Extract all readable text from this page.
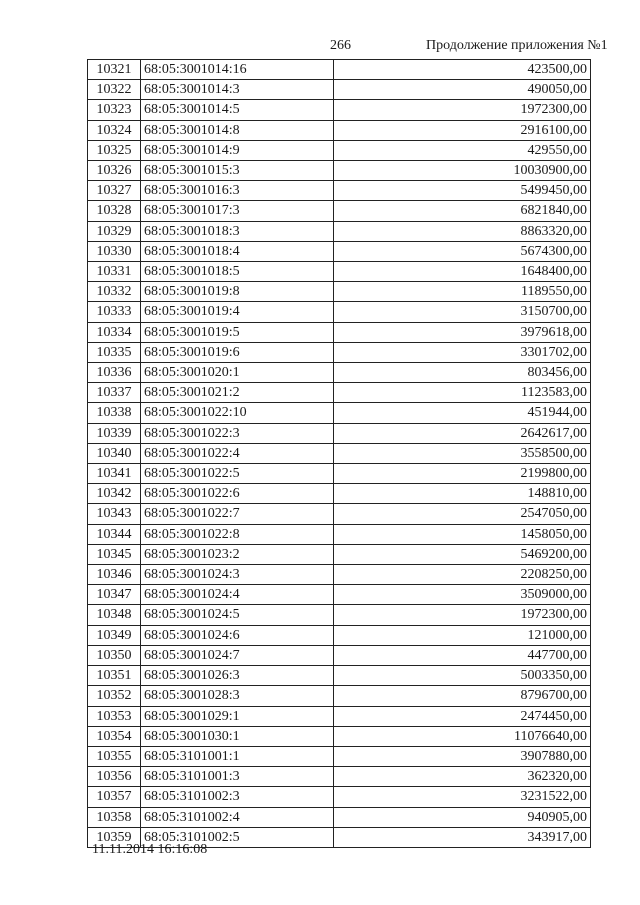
266	Продолжение приложения №1
10321	68:05:3001014:16	423500,00
10322	68:05:3001014:3	490050,00
10323	68:05:3001014:5	1972300,00
10324	68:05:3001014:8	2916100,00
10325	68:05:3001014:9	429550,00
10326	68:05:3001015:3	10030900,00
10327	68:05:3001016:3	5499450,00
10328	68:05:3001017:3	6821840,00
10329	68:05:3001018:3	8863320,00
10330	68:05:3001018:4	5674300,00
10331	68:05:3001018:5	1648400,00
10332	68:05:3001019:8	1189550,00
10333	68:05:3001019:4	3150700,00
10334	68:05:3001019:5	3979618,00
10335	68:05:3001019:6	3301702,00
10336	68:05:3001020:1	803456,00
10337	68:05:3001021:2	1123583,00
10338	68:05:3001022:10	451944,00
10339	68:05:3001022:3	2642617,00
10340	68:05:3001022:4	3558500,00
10341	68:05:3001022:5	2199800,00
10342	68:05:3001022:6	148810,00
10343	68:05:3001022:7	2547050,00
10344	68:05:3001022:8	1458050,00
10345	68:05:3001023:2	5469200,00
10346	68:05:3001024:3	2208250,00
10347	68:05:3001024:4	3509000,00
10348	68:05:3001024:5	1972300,00
10349	68:05:3001024:6	121000,00
10350	68:05:3001024:7	447700,00
10351	68:05:3001026:3	5003350,00
10352	68:05:3001028:3	8796700,00
10353	68:05:3001029:1	2474450,00
10354	68:05:3001030:1	11076640,00
10355	68:05:3101001:1	3907880,00
10356	68:05:3101001:3	362320,00
10357	68:05:3101002:3	3231522,00
10358	68:05:3101002:4	940905,00
10359	68:05:3101002:5	343917,00
11.11.2014 16:16:08
